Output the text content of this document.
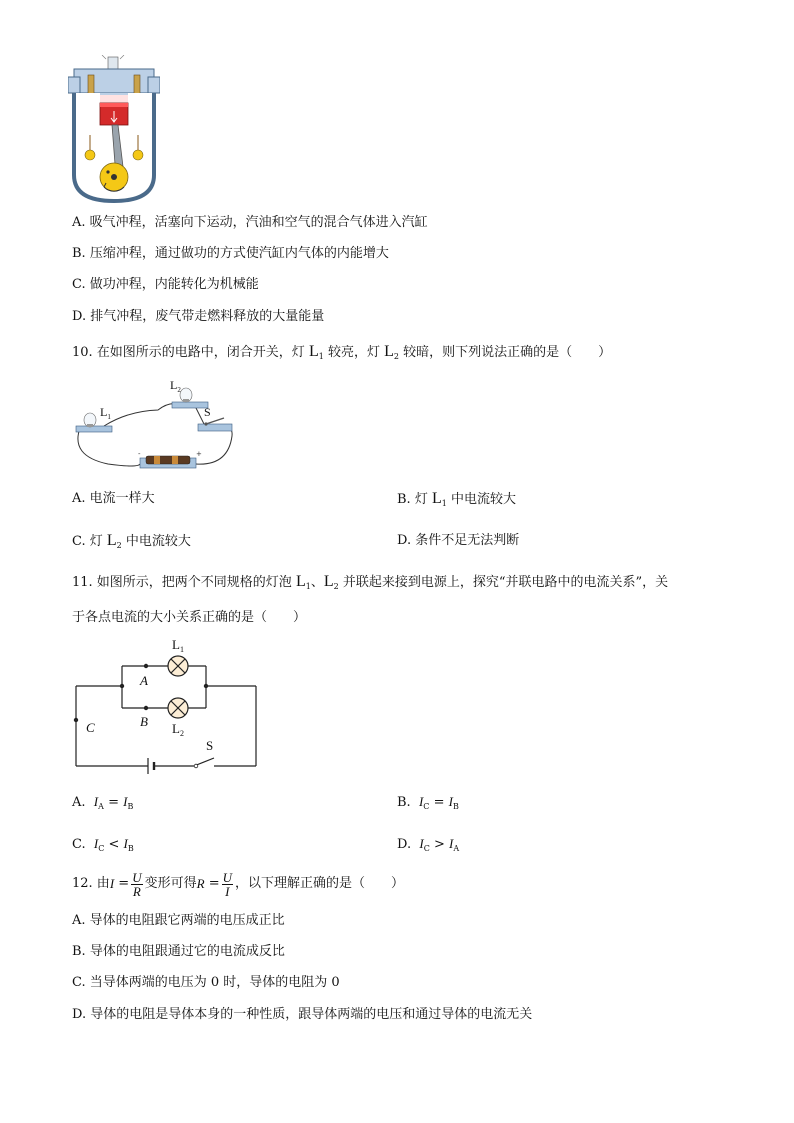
A. 吸气冲程，活塞向下运动，汽油和空气的混合气体进入汽缸
B. 压缩冲程，通过做功的方式使汽缸内气体的内能增大
C. 做功冲程，内能转化为机械能
D. 排气冲程，废气带走燃料释放的大量能量
10. 在如图所示的电路中，闭合开关，灯 $L_1$ 较亮，灯 $L_2$ 较暗，则下列说法正确的是（　　）
-	+
$L_1$
$L_2$
S
A. 电流一样大	B. 灯 $L_1$ 中电流较大
C. 灯 $L_2$ 中电流较大	D. 条件不足无法判断
11. 如图所示，把两个不同规格的灯泡 $L_1$、$L_2$ 并联起来接到电源上，探究“并联电路中的电流关系”，关
于各点电流的大小关系正确的是（　　）
$L_1$
$L_2$
A
B
C
S
A. $I_A = I_B$	B. $I_C = I_B$
C. $I_C < I_B$	D. $I_C > I_A$
12. 由 I
= $\frac{U}{R}$ 变形可得 R
= $\frac{U}{I}$ ，以下理解正确的是（　　）
A. 导体的电阻跟它两端的电压成正比
B. 导体的电阻跟通过它的电流成反比
C. 当导体两端的电压为 0 时，导体的电阻为 0
D. 导体的电阻是导体本身的一种性质，跟导体两端的电压和通过导体的电流无关
